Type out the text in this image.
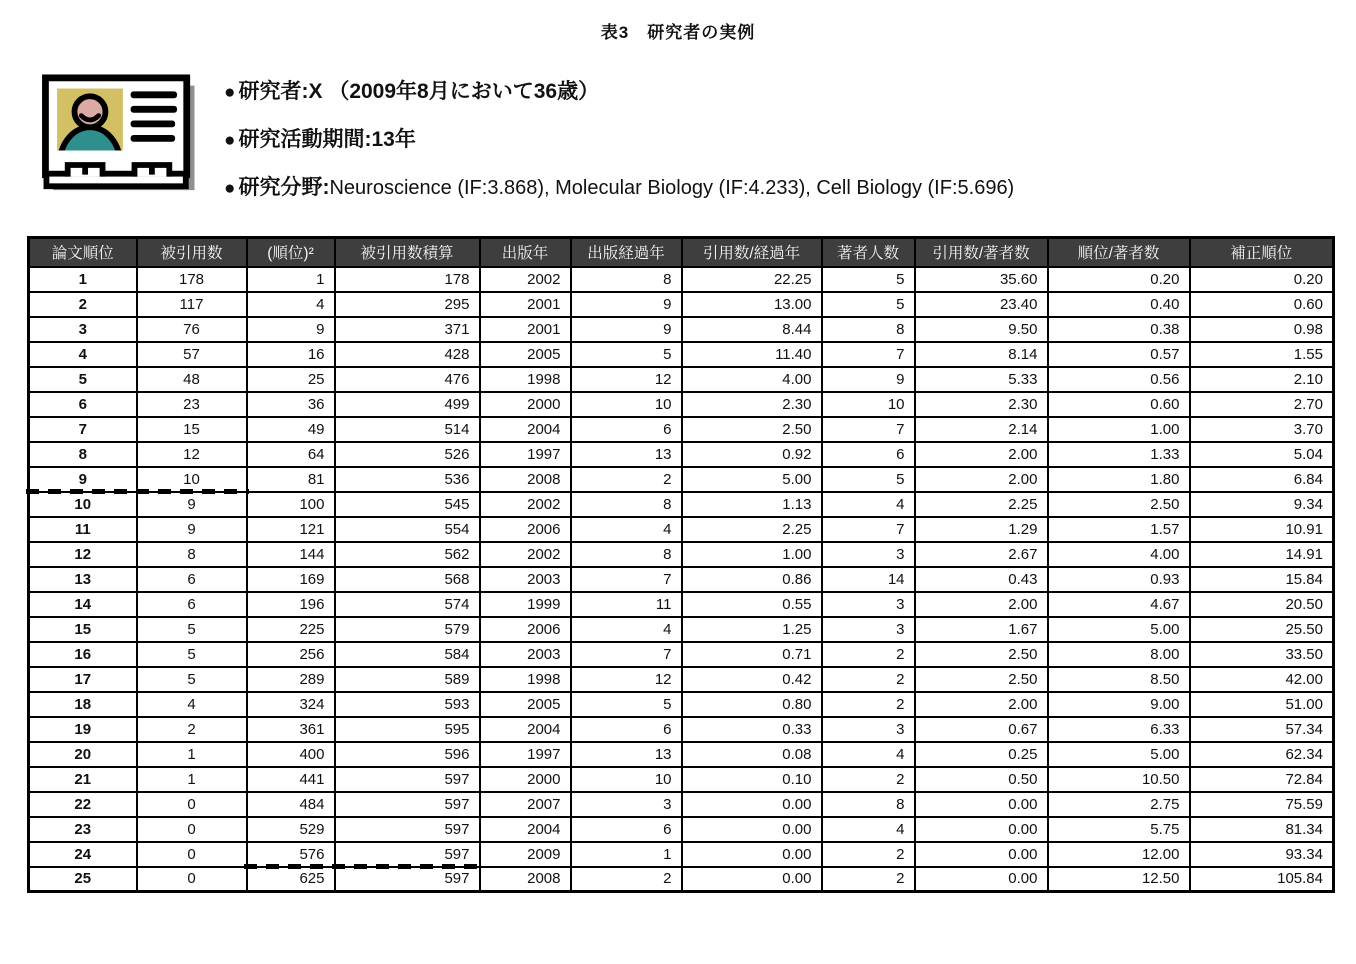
表3　研究者の実例
● 研究者:X （2009年8月において36歳）
● 研究活動期間:13年
● 研究分野:Neuroscience (IF:3.868), Molecular Biology (IF:4.233), Cell Biology (IF:5.696)
論文順位	被引用数	(順位)²	被引用数積算	出版年	出版経過年	引用数/経過年	著者人数	引用数/著者数	順位/著者数	補正順位
1	178	1	178	2002	8	22.25	5	35.60	0.20	0.20
2	117	4	295	2001	9	13.00	5	23.40	0.40	0.60
3	76	9	371	2001	9	8.44	8	9.50	0.38	0.98
4	57	16	428	2005	5	11.40	7	8.14	0.57	1.55
5	48	25	476	1998	12	4.00	9	5.33	0.56	2.10
6	23	36	499	2000	10	2.30	10	2.30	0.60	2.70
7	15	49	514	2004	6	2.50	7	2.14	1.00	3.70
8	12	64	526	1997	13	0.92	6	2.00	1.33	5.04
9	10	81	536	2008	2	5.00	5	2.00	1.80	6.84
10	9	100	545	2002	8	1.13	4	2.25	2.50	9.34
11	9	121	554	2006	4	2.25	7	1.29	1.57	10.91
12	8	144	562	2002	8	1.00	3	2.67	4.00	14.91
13	6	169	568	2003	7	0.86	14	0.43	0.93	15.84
14	6	196	574	1999	11	0.55	3	2.00	4.67	20.50
15	5	225	579	2006	4	1.25	3	1.67	5.00	25.50
16	5	256	584	2003	7	0.71	2	2.50	8.00	33.50
17	5	289	589	1998	12	0.42	2	2.50	8.50	42.00
18	4	324	593	2005	5	0.80	2	2.00	9.00	51.00
19	2	361	595	2004	6	0.33	3	0.67	6.33	57.34
20	1	400	596	1997	13	0.08	4	0.25	5.00	62.34
21	1	441	597	2000	10	0.10	2	0.50	10.50	72.84
22	0	484	597	2007	3	0.00	8	0.00	2.75	75.59
23	0	529	597	2004	6	0.00	4	0.00	5.75	81.34
24	0	576	597	2009	1	0.00	2	0.00	12.00	93.34
25	0	625	597	2008	2	0.00	2	0.00	12.50	105.84
